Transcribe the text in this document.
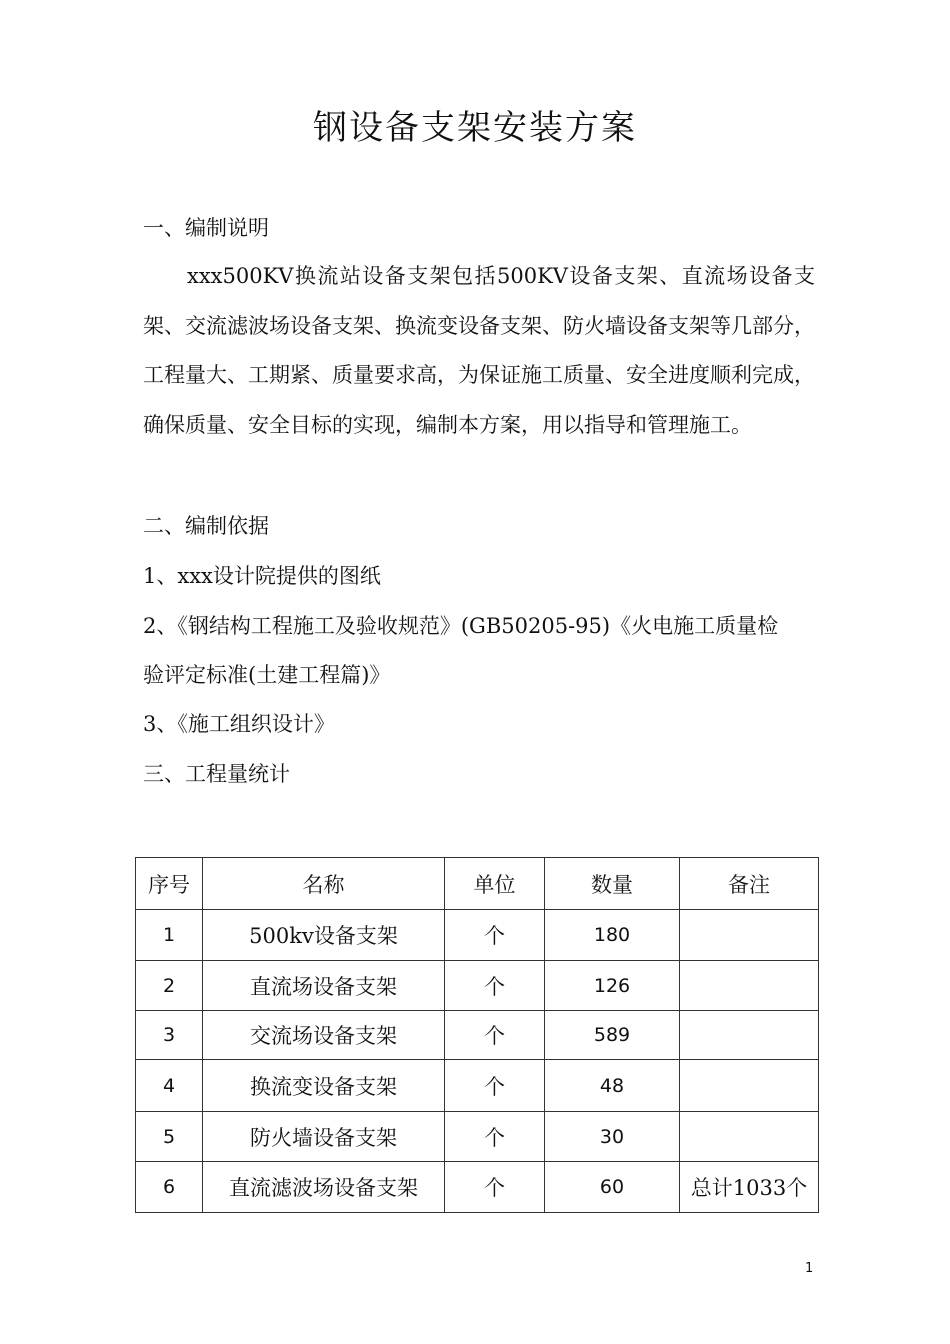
钢设备支架安装方案
一、编制说明
xxx500KV换流站设备支架包括500KV设备支架、直流场设备支架、交流滤波场设备支架、换流变设备支架、防火墙设备支架等几部分，工程量大、工期紧、质量要求高，为保证施工质量、安全进度顺利完成，确保质量、安全目标的实现，编制本方案，用以指导和管理施工。
二、编制依据
1、xxx设计院提供的图纸
2、《钢结构工程施工及验收规范》(GB50205-95)《火电施工质量检
验评定标准(土建工程篇)》
3、《施工组织设计》
三、工程量统计
序号	名称	单位	数量	备注
1	500kv设备支架	个	180	
2	直流场设备支架	个	126	
3	交流场设备支架	个	589	
4	换流变设备支架	个	48	
5	防火墙设备支架	个	30	
6	直流滤波场设备支架	个	60	总计1033个
1
